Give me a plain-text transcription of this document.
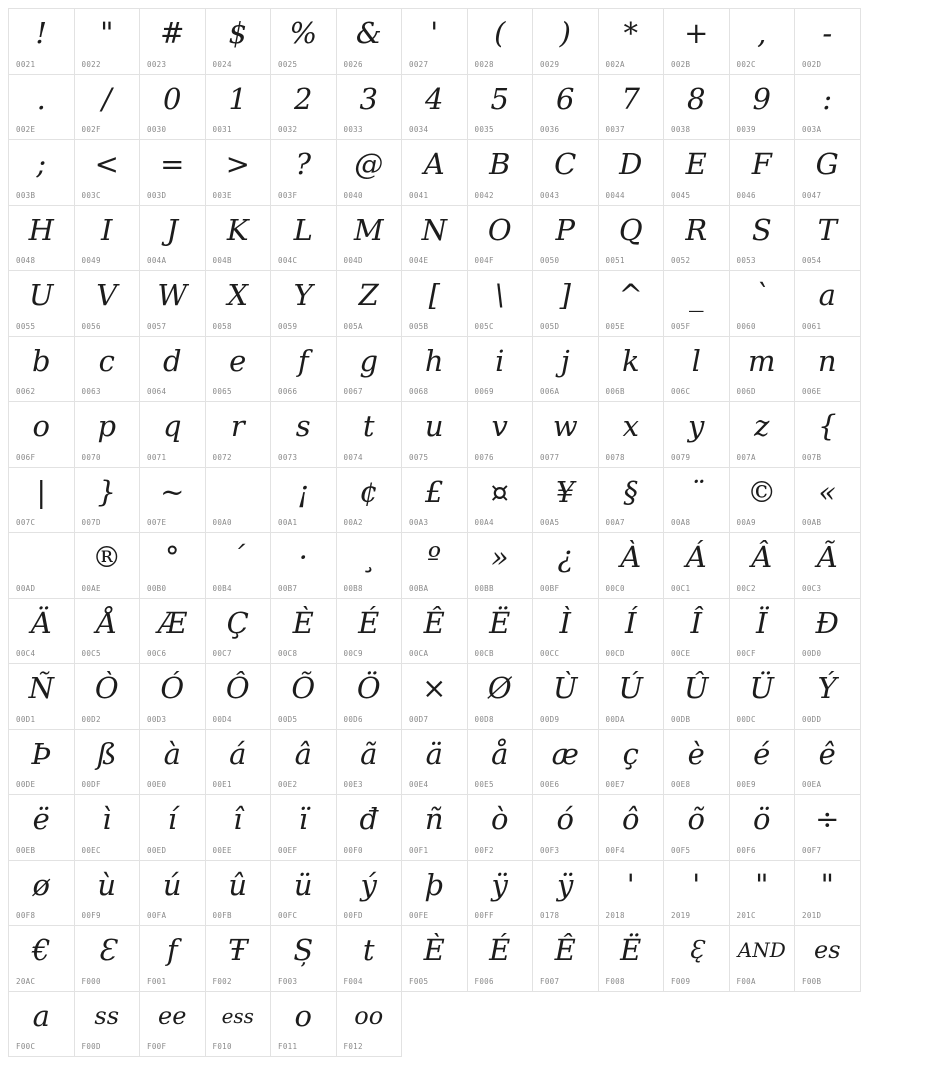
!
0021
"
0022
#
0023
$
0024
%
0025
&
0026
'
0027
(
0028
)
0029
*
002A
+
002B
,
002C
-
002D
.
002E
/
002F
0
0030
1
0031
2
0032
3
0033
4
0034
5
0035
6
0036
7
0037
8
0038
9
0039
:
003A
;
003B
<
003C
=
003D
>
003E
?
003F
@
0040
A
0041
B
0042
C
0043
D
0044
E
0045
F
0046
G
0047
H
0048
I
0049
J
004A
K
004B
L
004C
M
004D
N
004E
O
004F
P
0050
Q
0051
R
0052
S
0053
T
0054
U
0055
V
0056
W
0057
X
0058
Y
0059
Z
005A
[
005B
\
005C
]
005D
^
005E
_
005F
`
0060
a
0061
b
0062
c
0063
d
0064
e
0065
f
0066
g
0067
h
0068
i
0069
j
006A
k
006B
l
006C
m
006D
n
006E
o
006F
p
0070
q
0071
r
0072
s
0073
t
0074
u
0075
v
0076
w
0077
x
0078
y
0079
z
007A
{
007B
|
007C
}
007D
~
007E	00A0
¡
00A1
¢
00A2
£
00A3
¤
00A4
¥
00A5
§
00A7
¨
00A8
©
00A9
«
00AB
00AD
®
00AE
°
00B0
´
00B4
·
00B7
¸
00B8
º
00BA
»
00BB
¿
00BF
À
00C0
Á
00C1
Â
00C2
Ã
00C3
Ä
00C4
Å
00C5
Æ
00C6
Ç
00C7
È
00C8
É
00C9
Ê
00CA
Ë
00CB
Ì
00CC
Í
00CD
Î
00CE
Ï
00CF
Ð
00D0
Ñ
00D1
Ò
00D2
Ó
00D3
Ô
00D4
Õ
00D5
Ö
00D6
×
00D7
Ø
00D8
Ù
00D9
Ú
00DA
Û
00DB
Ü
00DC
Ý
00DD
Þ
00DE
ß
00DF
à
00E0
á
00E1
â
00E2
ã
00E3
ä
00E4
å
00E5
æ
00E6
ç
00E7
è
00E8
é
00E9
ê
00EA
ë
00EB
ì
00EC
í
00ED
î
00EE
ï
00EF
đ
00F0
ñ
00F1
ò
00F2
ó
00F3
ô
00F4
õ
00F5
ö
00F6
÷
00F7
ø
00F8
ù
00F9
ú
00FA
û
00FB
ü
00FC
ý
00FD
þ
00FE
ÿ
00FF
ÿ
0178
'
2018
'
2019
"
201C
"
201D
€
20AC
Ɛ
F000
f
F001
Ŧ
F002
Ș
F003
t
F004
È
F005
É
F006
Ê
F007
Ë
F008
Ɛ̨
F009
AND
F00A
es
F00B
a
F00C
ss
F00D
ee
F00F
ess
F010
o
F011
oo
F012
